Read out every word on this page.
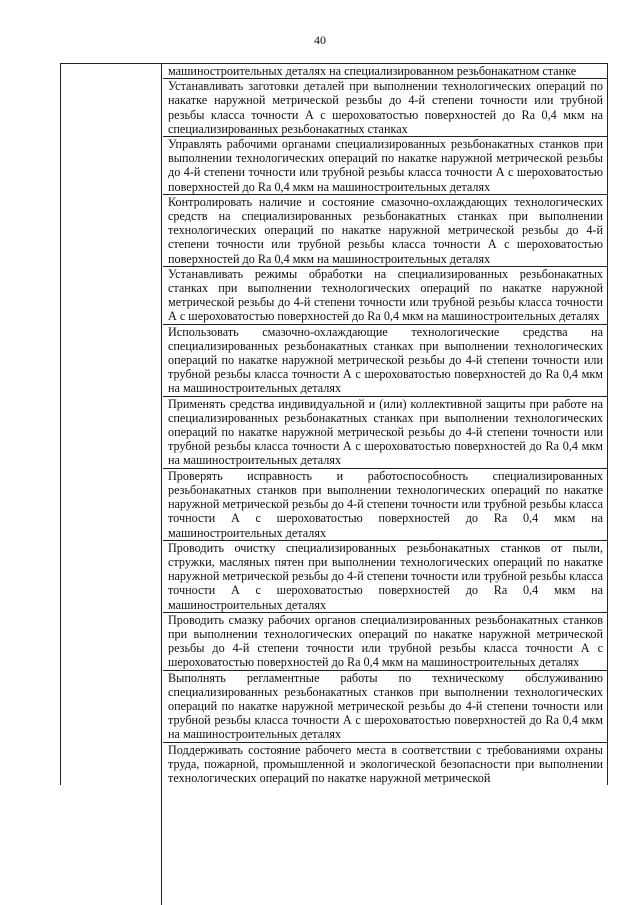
40
машиностроительных деталях на специализированном резьбонакатном станке
Устанавливать заготовки деталей при выполнении технологических операций по накатке наружной метрической резьбы до 4-й степени точности или трубной резьбы класса точности А с шероховатостью поверхностей до Ra 0,4 мкм на специализированных резьбонакатных станках
Управлять рабочими органами специализированных резьбонакатных станков при выполнении технологических операций по накатке наружной метрической резьбы до 4-й степени точности или трубной резьбы класса точности А с шероховатостью поверхностей до Ra 0,4 мкм на машиностроительных деталях
Контролировать наличие и состояние смазочно-охлаждающих технологических средств на специализированных резьбонакатных станках при выполнении технологических операций по накатке наружной метрической резьбы до 4-й степени точности или трубной резьбы класса точности А с шероховатостью поверхностей до Ra 0,4 мкм на машиностроительных деталях
Устанавливать режимы обработки на специализированных резьбонакатных станках при выполнении технологических операций по накатке наружной метрической резьбы до 4-й степени точности или трубной резьбы класса точности А с шероховатостью поверхностей до Ra 0,4 мкм на машиностроительных деталях
Использовать смазочно-охлаждающие технологические средства на специализированных резьбонакатных станках при выполнении технологических операций по накатке наружной метрической резьбы до 4-й степени точности или трубной резьбы класса точности А с шероховатостью поверхностей до Ra 0,4 мкм на машиностроительных деталях
Применять средства индивидуальной и (или) коллективной защиты при работе на специализированных резьбонакатных станках при выполнении технологических операций по накатке наружной метрической резьбы до 4-й степени точности или трубной резьбы класса точности А с шероховатостью поверхностей до Ra 0,4 мкм на машиностроительных деталях
Проверять исправность и работоспособность специализированных резьбонакатных станков при выполнении технологических операций по накатке наружной метрической резьбы до 4-й степени точности или трубной резьбы класса точности А с шероховатостью поверхностей до Ra 0,4 мкм на машиностроительных деталях
Проводить очистку специализированных резьбонакатных станков от пыли, стружки, масляных пятен при выполнении технологических операций по накатке наружной метрической резьбы до 4-й степени точности или трубной резьбы класса точности А с шероховатостью поверхностей до Ra 0,4 мкм на машиностроительных деталях
Проводить смазку рабочих органов специализированных резьбонакатных станков при выполнении технологических операций по накатке наружной метрической резьбы до 4-й степени точности или трубной резьбы класса точности А с шероховатостью поверхностей до Ra 0,4 мкм на машиностроительных деталях
Выполнять регламентные работы по техническому обслуживанию специализированных резьбонакатных станков при выполнении технологических операций по накатке наружной метрической резьбы до 4-й степени точности или трубной резьбы класса точности А с шероховатостью поверхностей до Ra 0,4 мкм на машиностроительных деталях
Поддерживать состояние рабочего места в соответствии с требованиями охраны труда, пожарной, промышленной и экологической безопасности при выполнении технологических операций по накатке наружной метрической
